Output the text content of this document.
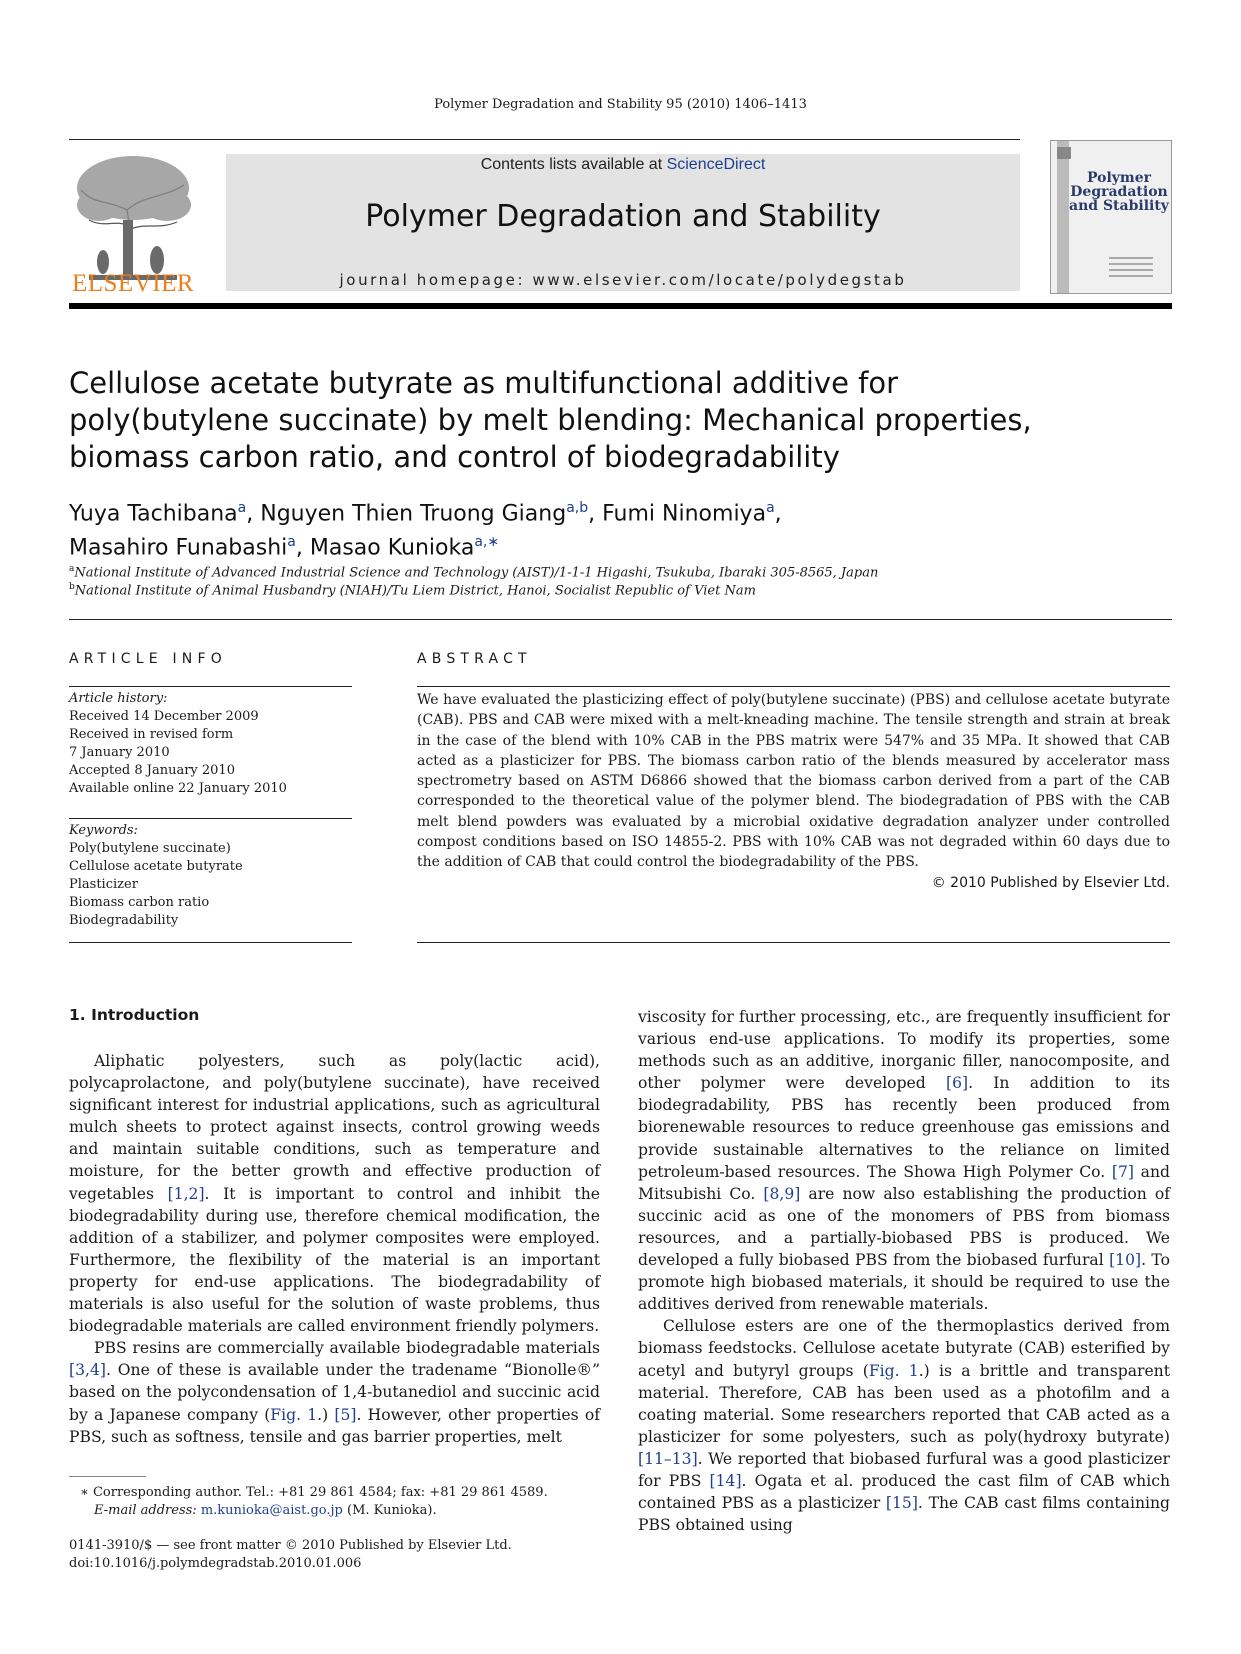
Polymer Degradation and Stability 95 (2010) 1406–1413
ELSEVIER
Contents lists available at ScienceDirect
Polymer Degradation and Stability
journal homepage: www.elsevier.com/locate/polydegstab
Polymer Degradation and Stability
Cellulose acetate butyrate as multifunctional additive for poly(butylene succinate) by melt blending: Mechanical properties, biomass carbon ratio, and control of biodegradability
Yuya Tachibana$^a$, Nguyen Thien Truong Giang$^{a,b}$, Fumi Ninomiya$^a$,
Masahiro Funabashi$^a$, Masao Kunioka$^{a,∗}$
$^a$National Institute of Advanced Industrial Science and Technology (AIST)/1-1-1 Higashi, Tsukuba, Ibaraki 305-8565, Japan
$^b$National Institute of Animal Husbandry (NIAH)/Tu Liem District, Hanoi, Socialist Republic of Viet Nam
ARTICLE INFO
Article history:
Received 14 December 2009
Received in revised form
7 January 2010
Accepted 8 January 2010
Available online 22 January 2010
Keywords:
Poly(butylene succinate)
Cellulose acetate butyrate
Plasticizer
Biomass carbon ratio
Biodegradability
ABSTRACT
We have evaluated the plasticizing effect of poly(butylene succinate) (PBS) and cellulose acetate butyrate (CAB). PBS and CAB were mixed with a melt-kneading machine. The tensile strength and strain at break in the case of the blend with 10% CAB in the PBS matrix were 547% and 35 MPa. It showed that CAB acted as a plasticizer for PBS. The biomass carbon ratio of the blends measured by accelerator mass spectrometry based on ASTM D6866 showed that the biomass carbon derived from a part of the CAB corresponded to the theoretical value of the polymer blend. The biodegradation of PBS with the CAB melt blend powders was evaluated by a microbial oxidative degradation analyzer under controlled compost conditions based on ISO 14855-2. PBS with 10% CAB was not degraded within 60 days due to the addition of CAB that could control the biodegradability of the PBS.
© 2010 Published by Elsevier Ltd.
1. Introduction

Aliphatic polyesters, such as poly(lactic acid), polycaprolactone, and poly(butylene succinate), have received significant interest for industrial applications, such as agricultural mulch sheets to protect against insects, control growing weeds and maintain suitable conditions, such as temperature and moisture, for the better growth and effective production of vegetables [1,2]. It is important to control and inhibit the biodegradability during use, therefore chemical modification, the addition of a stabilizer, and polymer composites were employed. Furthermore, the flexibility of the material is an important property for end-use applications. The biodegradability of materials is also useful for the solution of waste problems, thus biodegradable materials are called environment friendly polymers.

PBS resins are commercially available biodegradable materials [3,4]. One of these is available under the tradename “Bionolle®” based on the polycondensation of 1,4-butanediol and succinic acid by a Japanese company (Fig. 1.) [5]. However, other properties of PBS, such as softness, tensile and gas barrier properties, melt

viscosity for further processing, etc., are frequently insufficient for various end-use applications. To modify its properties, some methods such as an additive, inorganic filler, nanocomposite, and other polymer were developed [6]. In addition to its biodegradability, PBS has recently been produced from biorenewable resources to reduce greenhouse gas emissions and provide sustainable alternatives to the reliance on limited petroleum-based resources. The Showa High Polymer Co. [7] and Mitsubishi Co. [8,9] are now also establishing the production of succinic acid as one of the monomers of PBS from biomass resources, and a partially-biobased PBS is produced. We developed a fully biobased PBS from the biobased furfural [10]. To promote high biobased materials, it should be required to use the additives derived from renewable materials.

Cellulose esters are one of the thermoplastics derived from biomass feedstocks. Cellulose acetate butyrate (CAB) esterified by acetyl and butyryl groups (Fig. 1.) is a brittle and transparent material. Therefore, CAB has been used as a photofilm and a coating material. Some researchers reported that CAB acted as a plasticizer for some polyesters, such as poly(hydroxy butyrate) [11–13]. We reported that biobased furfural was a good plasticizer for PBS [14]. Ogata et al. produced the cast film of CAB which contained PBS as a plasticizer [15]. The CAB cast films containing PBS obtained using

∗ Corresponding author. Tel.: +81 29 861 4584; fax: +81 29 861 4589.
E-mail address: m.kunioka@aist.go.jp (M. Kunioka).
0141-3910/$ — see front matter © 2010 Published by Elsevier Ltd.
doi:10.1016/j.polymdegradstab.2010.01.006
